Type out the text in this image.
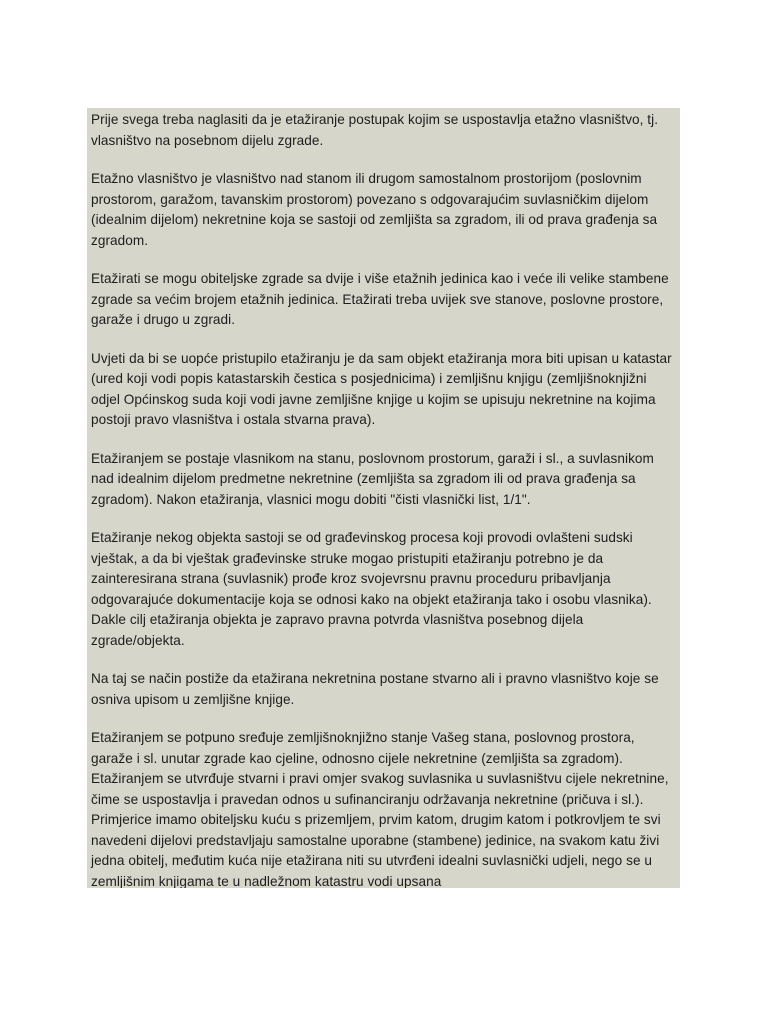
Prije svega treba naglasiti da je etažiranje postupak kojim se uspostavlja etažno vlasništvo, tj. vlasništvo na posebnom dijelu zgrade.

Etažno vlasništvo je vlasništvo nad stanom ili drugom samostalnom prostorijom (poslovnim prostorom, garažom, tavanskim prostorom) povezano s odgovarajućim suvlasničkim dijelom (idealnim dijelom) nekretnine koja se sastoji od zemljišta sa zgradom, ili od prava građenja sa zgradom.

Etažirati se mogu obiteljske zgrade sa dvije i više etažnih jedinica kao i veće ili velike stambene zgrade sa većim brojem etažnih jedinica. Etažirati treba uvijek sve stanove, poslovne prostore, garaže i drugo u zgradi.

Uvjeti da bi se uopće pristupilo etažiranju je da sam objekt etažiranja mora biti upisan u katastar (ured koji vodi popis katastarskih čestica s posjednicima) i zemljišnu knjigu (zemljišnoknjižni odjel Općinskog suda koji vodi javne zemljišne knjige u kojim se upisuju nekretnine na kojima postoji pravo vlasništva i ostala stvarna prava).

Etažiranjem se postaje vlasnikom na stanu, poslovnom prostorum, garaži i sl., a suvlasnikom nad idealnim dijelom predmetne nekretnine (zemljišta sa zgradom ili od prava građenja sa zgradom). Nakon etažiranja, vlasnici mogu dobiti "čisti vlasnički list, 1/1".

Etažiranje nekog objekta sastoji se od građevinskog procesa koji provodi ovlašteni sudski vještak, a da bi vještak građevinske struke mogao pristupiti etažiranju potrebno je da zainteresirana strana (suvlasnik) prođe kroz svojevrsnu pravnu proceduru pribavljanja odgovarajuće dokumentacije koja se odnosi kako na objekt etažiranja tako i osobu vlasnika). Dakle cilj etažiranja objekta je zapravo pravna potvrda vlasništva posebnog dijela zgrade/objekta.

Na taj se način postiže da etažirana nekretnina postane stvarno ali i pravno vlasništvo koje se osniva upisom u zemljišne knjige.

Etažiranjem se potpuno sređuje zemljišnoknjižno stanje Vašeg stana, poslovnog prostora, garaže i sl. unutar zgrade kao cjeline, odnosno cijele nekretnine (zemljišta sa zgradom). Etažiranjem se utvrđuje stvarni i pravi omjer svakog suvlasnika u suvlasništvu cijele nekretnine, čime se uspostavlja i pravedan odnos u sufinanciranju održavanja nekretnine (pričuva i sl.). Primjerice imamo obiteljsku kuću s prizemljem, prvim katom, drugim katom i potkrovljem te svi navedeni dijelovi predstavljaju samostalne uporabne (stambene) jedinice, na svakom katu živi jedna obitelj, međutim kuća nije etažirana niti su utvrđeni idealni suvlasnički udjeli, nego se u zemljišnim knjigama te u nadležnom katastru vodi upsana
